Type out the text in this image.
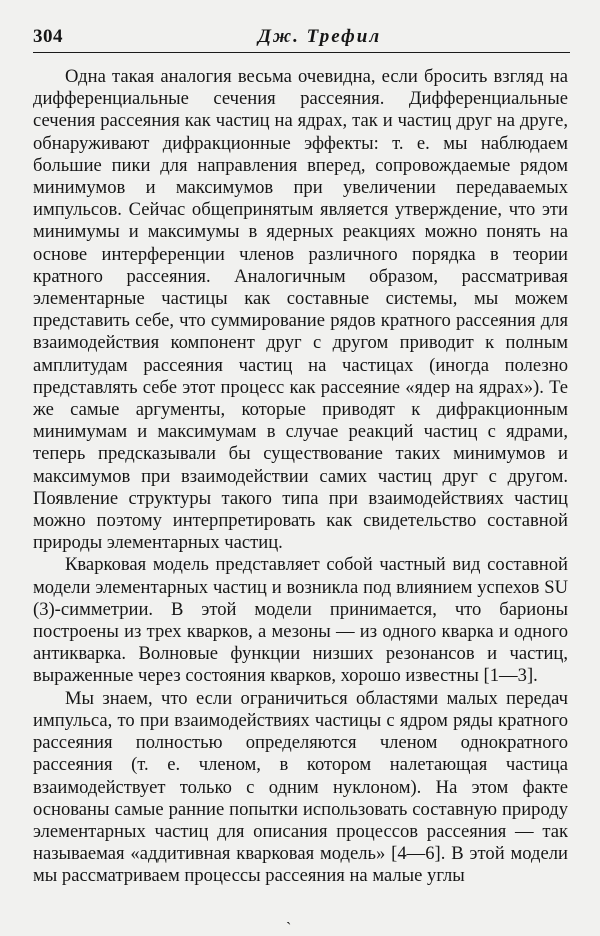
304	Дж. Трефил

Одна такая аналогия весьма очевидна, если бросить взгляд на дифференциальные сечения рассеяния. Дифференциальные сечения рассеяния как частиц на ядрах, так и частиц друг на друге, обнаруживают дифракционные эффекты: т. е. мы наблюдаем большие пики для направления вперед, сопровождаемые рядом минимумов и максимумов при увеличении передаваемых импульсов. Сейчас общепринятым является утверждение, что эти минимумы и максимумы в ядерных реакциях можно понять на основе интерференции членов различного порядка в теории кратного рассеяния. Аналогичным образом, рассматривая элементарные частицы как составные системы, мы можем представить себе, что суммирование рядов кратного рассеяния для взаимодействия компонент друг с другом приводит к полным амплитудам рассеяния частиц на частицах (иногда полезно представлять себе этот процесс как рассеяние «ядер на ядрах»). Те же самые аргументы, которые приводят к дифракционным минимумам и максимумам в случае реакций частиц с ядрами, теперь предсказывали бы существование таких минимумов и максимумов при взаимодействии самих частиц друг с другом. Появление структуры такого типа при взаимодействиях частиц можно поэтому интерпретировать как свидетельство составной природы элементарных частиц.

Кварковая модель представляет собой частный вид составной модели элементарных частиц и возникла под влиянием успехов SU (3)-симметрии. В этой модели принимается, что барионы построены из трех кварков, а мезоны — из одного кварка и одного антикварка. Волновые функции низших резонансов и частиц, выраженные через состояния кварков, хорошо известны [1—3].

Мы знаем, что если ограничиться областями малых передач импульса, то при взаимодействиях частицы с ядром ряды кратного рассеяния полностью определяются членом однократного рассеяния (т. е. членом, в котором налетающая частица взаимодействует только с одним нуклоном). На этом факте основаны самые ранние попытки использовать составную природу элементарных частиц для описания процессов рассеяния — так называемая «аддитивная кварковая модель» [4—6]. В этой модели мы рассматриваем процессы рассеяния на малые углы

ˏ
